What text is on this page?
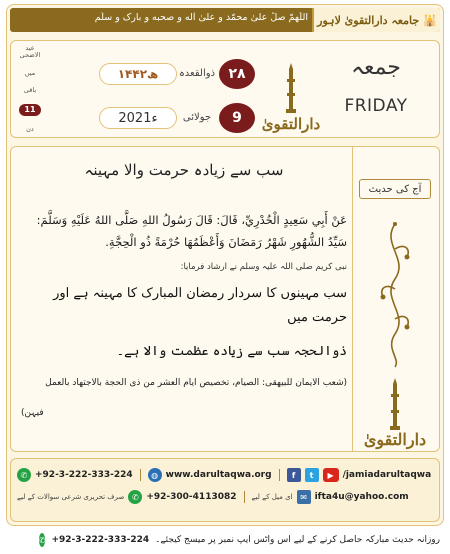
اللّٰهمّ صلِّ علیٰ محمّد و علیٰ اٰله و صحبه و بارک و سلّم	🕌
جامعہ دارالتقویٰ لاہور
عید الاضحی
میں
باقی
11
دن
۱۴۴۲ھ	ذوالقعدہ ۲۸
2021ء	جولائی	9	دارالتقویٰ
جمعہ
FRIDAY
آج کی حدیث
دارالتقویٰ
سب سے زیادہ حرمت والا مہینہ
عَنْ أَبِي سَعِيدٍ الْخُدْرِيِّ، قَالَ: قَالَ رَسُولُ اللهِ صَلَّى اللهُ عَلَيْهِ وَسَلَّمَ:
سَيِّدُ الشُّهُورِ شَهْرُ رَمَضَانَ وَأَعْظَمُهَا حُرْمَةً ذُو الْحِجَّةِ.
نبی کریم صلی اللہ علیہ وسلم نے ارشاد فرمایا:
سب مہینوں کا سردار رمضان المبارک کا مہینہ ہے اور حرمت میں
ذوالحجہ سب سے زیادہ عظمت والا ہے۔
(شعب الایمان للبیهقی: الصیام، تخصیص ایام العشر من ذی الحجة بالاجتهاد بالعمل
فیہن)
✆ +92-3-222-333-224	◍ www.darultaqwa.org	f	t	▶ /jamiadarultaqwa
صرف تحریری شرعی سوالات کے لیے ✆ +92-300-4113082 ای میل کے لیے ✉ ifta4u@yahoo.com
روزانہ حدیث مبارکہ حاصل کرنے کے لیے اس واٹس ایپ نمبر پر میسج کیجئے۔
+92-3-222-333-224
✆
